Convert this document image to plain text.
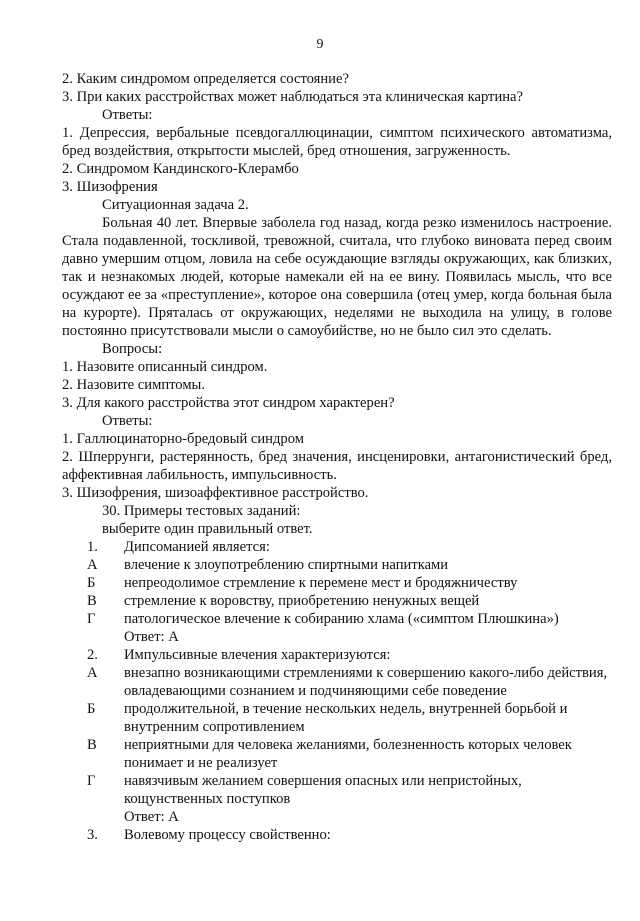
9

2. Каким синдромом определяется состояние?

3. При каких расстройствах может наблюдаться эта клиническая картина?

Ответы:

1. Депрессия, вербальные псевдогаллюцинации, симптом психического автоматизма, бред воздействия, открытости мыслей, бред отношения, загруженность.

2. Синдромом Кандинского-Клерамбо

3. Шизофрения

Ситуационная задача 2.

Больная 40 лет. Впервые заболела год назад, когда резко изменилось настроение. Стала подавленной, тоскливой, тревожной, считала, что глубоко виновата перед своим давно умершим отцом, ловила на себе осуждающие взгляды окружающих, как близких, так и незнакомых людей, которые намекали ей на ее вину. Появилась мысль, что все осуждают ее за «преступление», которое она совершила (отец умер, когда больная была на курорте). Пряталась от окружающих, неделями не выходила на улицу, в голове постоянно присутствовали мысли о самоубийстве, но не было сил это сделать.

Вопросы:

1. Назовите описанный синдром.

2. Назовите симптомы.

3. Для какого расстройства этот синдром характерен?

Ответы:

1. Галлюцинаторно-бредовый синдром

2. Шперрунги, растерянность, бред значения, инсценировки, антагонистический бред, аффективная лабильность, импульсивность.

3. Шизофрения, шизоаффективное расстройство.

30. Примеры тестовых заданий:

выберите один правильный ответ.

1. Дипсоманией является:
А влечение к злоупотреблению спиртными напитками
Б непреодолимое стремление к перемене мест и бродяжничеству
В стремление к воровству, приобретению ненужных вещей
Г патологическое влечение к собиранию хлама («симптом Плюшкина»)

Ответ: А

2. Импульсивные влечения характеризуются:
А внезапно возникающими стремлениями к совершению какого-либо действия, овладевающими сознанием и подчиняющими себе поведение
Б продолжительной, в течение нескольких недель, внутренней борьбой и внутренним сопротивлением
В неприятными для человека желаниями, болезненность которых человек понимает и не реализует
Г навязчивым желанием совершения опасных или непристойных, кощунственных поступков

Ответ: А

3. Волевому процессу свойственно:
